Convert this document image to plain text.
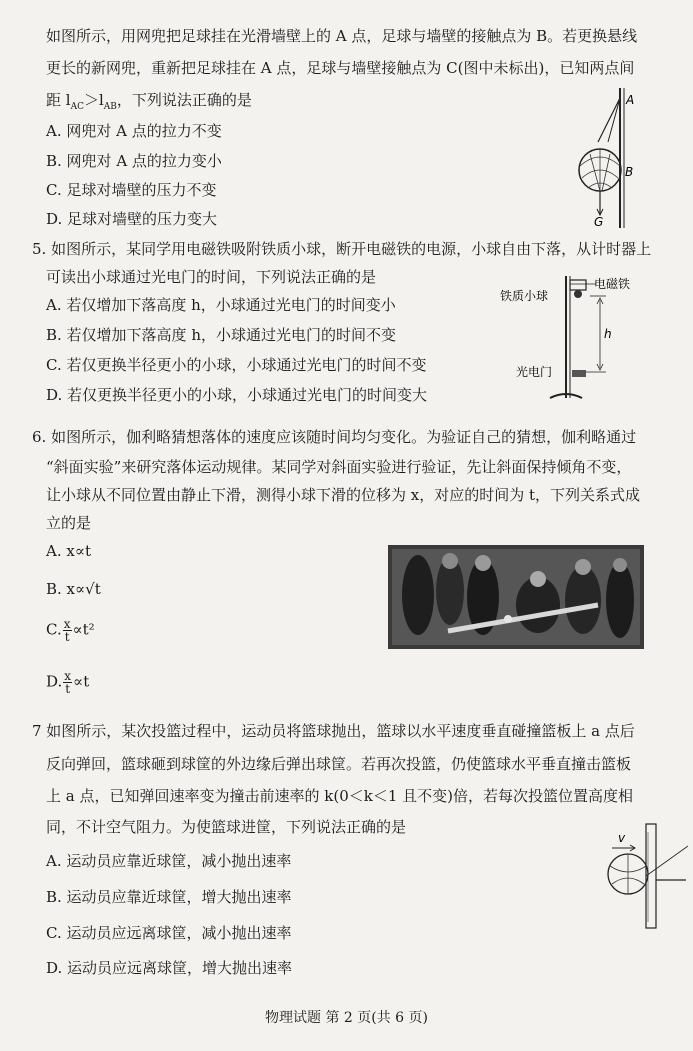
如图所示，用网兜把足球挂在光滑墙壁上的 A 点，足球与墙壁的接触点为 B。若更换悬线
更长的新网兜，重新把足球挂在 A 点，足球与墙壁接触点为 C(图中未标出)，已知两点间
距 $l_{AC}>l_{AB}$，下列说法正确的是
A. 网兜对 A 点的拉力不变
B. 网兜对 A 点的拉力变小
C. 足球对墙壁的压力不变
D. 足球对墙壁的压力变大
A
B
G
5. 如图所示，某同学用电磁铁吸附铁质小球，断开电磁铁的电源，小球自由下落，从计时器上
可读出小球通过光电门的时间，下列说法正确的是
A. 若仅增加下落高度 h，小球通过光电门的时间变小
B. 若仅增加下落高度 h，小球通过光电门的时间不变
C. 若仅更换半径更小的小球，小球通过光电门的时间不变
D. 若仅更换半径更小的小球，小球通过光电门的时间变大
电磁铁
铁质小球
h
光电门
6. 如图所示，伽利略猜想落体的速度应该随时间均匀变化。为验证自己的猜想，伽利略通过
“斜面实验”来研究落体运动规律。某同学对斜面实验进行验证，先让斜面保持倾角不变，
让小球从不同位置由静止下滑，测得小球下滑的位移为 x，对应的时间为 t，下列关系式成
立的是
A. x∝t
B. x∝√t
C. $\frac{x}{t} \propto t^2$
D. $\frac{x}{t} \propto t$
7 如图所示，某次投篮过程中，运动员将篮球抛出，篮球以水平速度垂直碰撞篮板上 a 点后
反向弹回，篮球砸到球筐的外边缘后弹出球筐。若再次投篮，仍使篮球水平垂直撞击篮板
上 a 点，已知弹回速率变为撞击前速率的 k(0＜k＜1 且不变)倍，若每次投篮位置高度相
同，不计空气阻力。为使篮球进筐，下列说法正确的是
A. 运动员应靠近球筐，减小抛出速率
B. 运动员应靠近球筐，增大抛出速率
C. 运动员应远离球筐，减小抛出速率
D. 运动员应远离球筐，增大抛出速率
v
物理试题 第 2 页(共 6 页)
